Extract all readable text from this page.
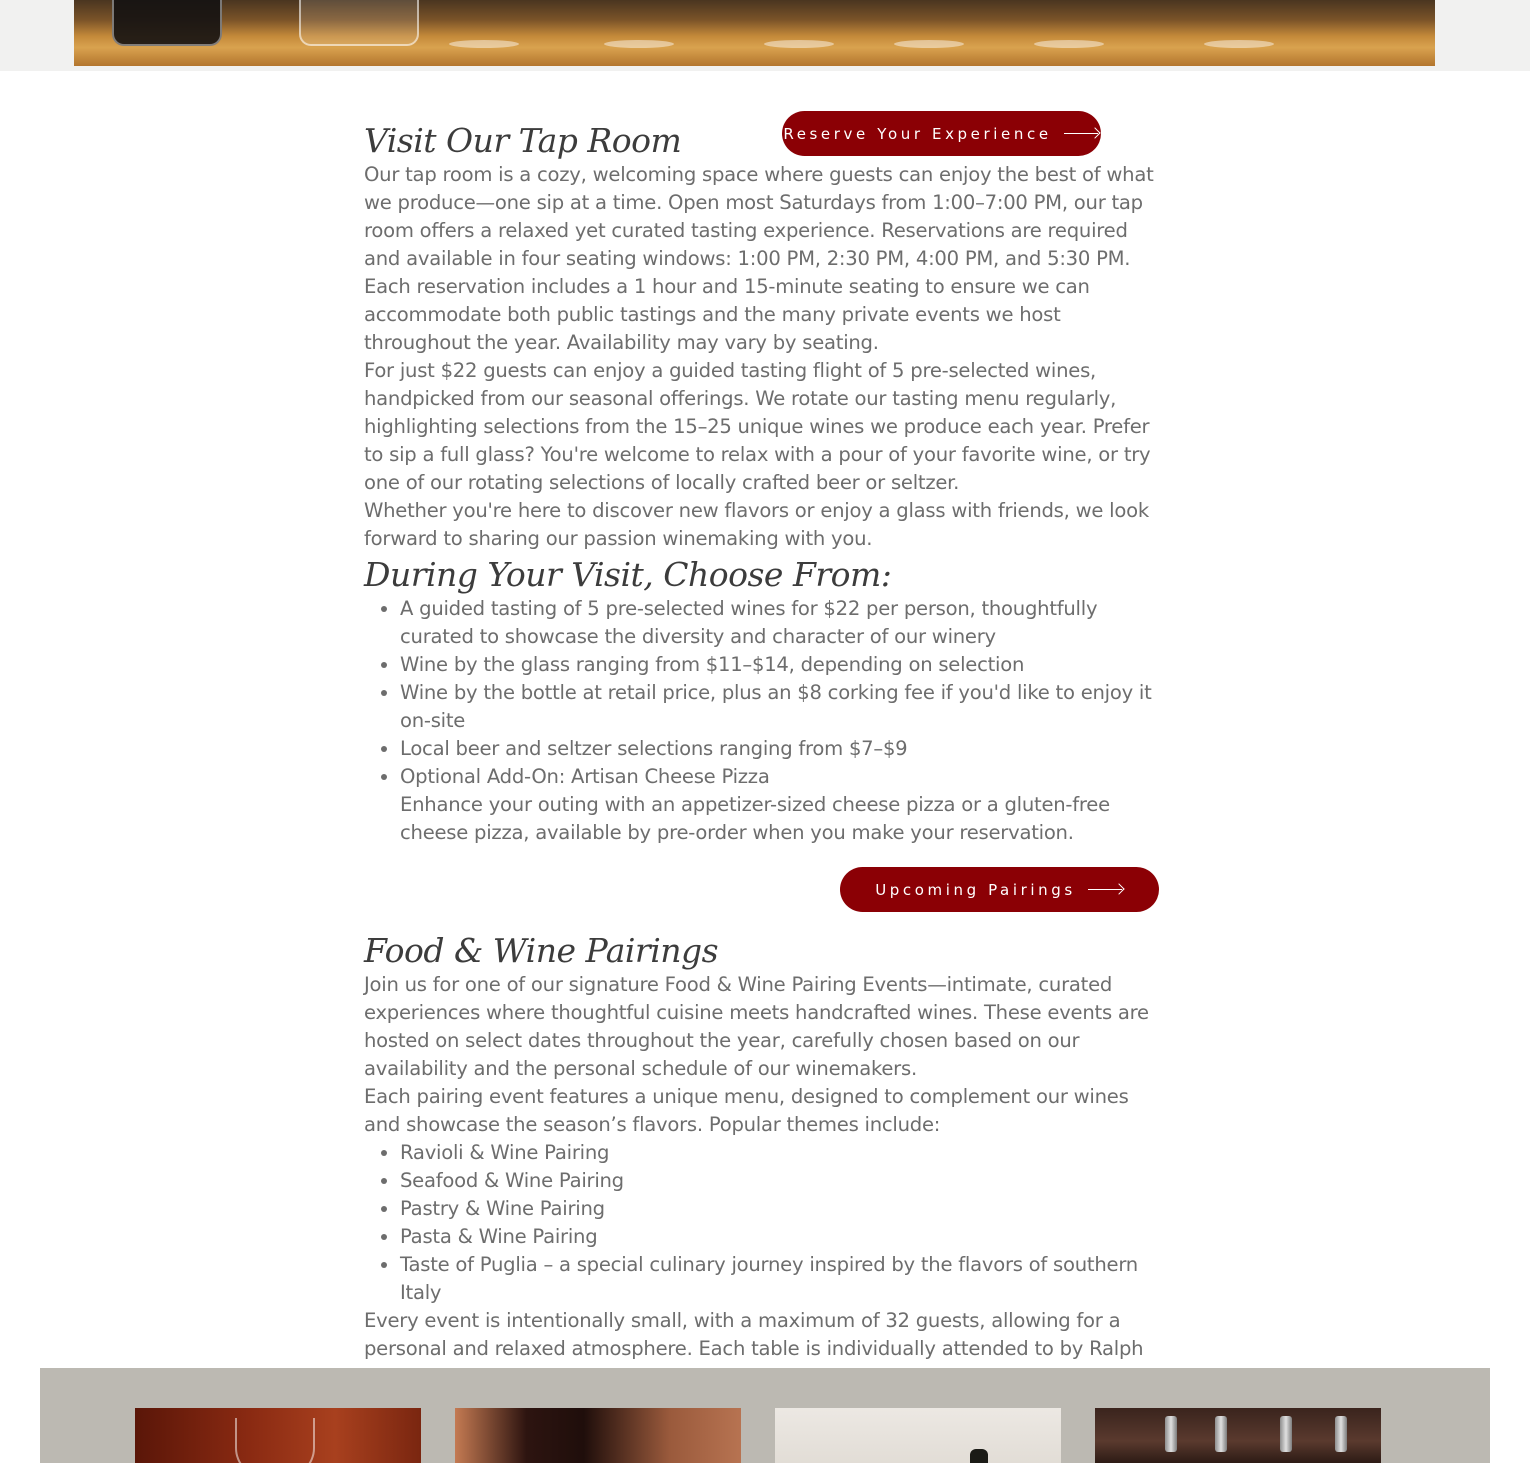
Reserve Your Experience
Upcoming Pairings
Visit Our Tap Room

Our tap room is a cozy, welcoming space where guests can enjoy the best of what we produce—one sip at a time. Open most Saturdays from 1:00–7:00 PM, our tap room offers a relaxed yet curated tasting experience. Reservations are required and available in four seating windows: 1:00 PM, 2:30 PM, 4:00 PM, and 5:30 PM. Each reservation includes a 1 hour and 15-minute seating to ensure we can accommodate both public tastings and the many private events we host throughout the year. Availability may vary by seating.

For just $22 guests can enjoy a guided tasting flight of 5 pre-selected wines, handpicked from our seasonal offerings. We rotate our tasting menu regularly, highlighting selections from the 15–25 unique wines we produce each year. Prefer to sip a full glass? You're welcome to relax with a pour of your favorite wine, or try one of our rotating selections of locally crafted beer or seltzer.

Whether you're here to discover new flavors or enjoy a glass with friends, we look forward to sharing our passion winemaking with you.

During Your Visit, Choose From:
• A guided tasting of 5 pre-selected wines for $22 per person, thoughtfully curated to showcase the diversity and character of our winery
• Wine by the glass ranging from $11–$14, depending on selection
• Wine by the bottle at retail price, plus an $8 corking fee if you'd like to enjoy it on-site
• Local beer and seltzer selections ranging from $7–$9
• Optional Add-On: Artisan Cheese Pizza
Enhance your outing with an appetizer-sized cheese pizza or a gluten-free cheese pizza, available by pre-order when you make your reservation.
Food & Wine Pairings

Join us for one of our signature Food & Wine Pairing Events—intimate, curated experiences where thoughtful cuisine meets handcrafted wines. These events are hosted on select dates throughout the year, carefully chosen based on our availability and the personal schedule of our winemakers.

Each pairing event features a unique menu, designed to complement our wines and showcase the season’s flavors. Popular themes include:

• Ravioli & Wine Pairing
• Seafood & Wine Pairing
• Pastry & Wine Pairing
• Pasta & Wine Pairing
• Taste of Puglia – a special culinary journey inspired by the flavors of southern Italy

Every event is intentionally small, with a maximum of 32 guests, allowing for a personal and relaxed atmosphere. Each table is individually attended to by Ralph
